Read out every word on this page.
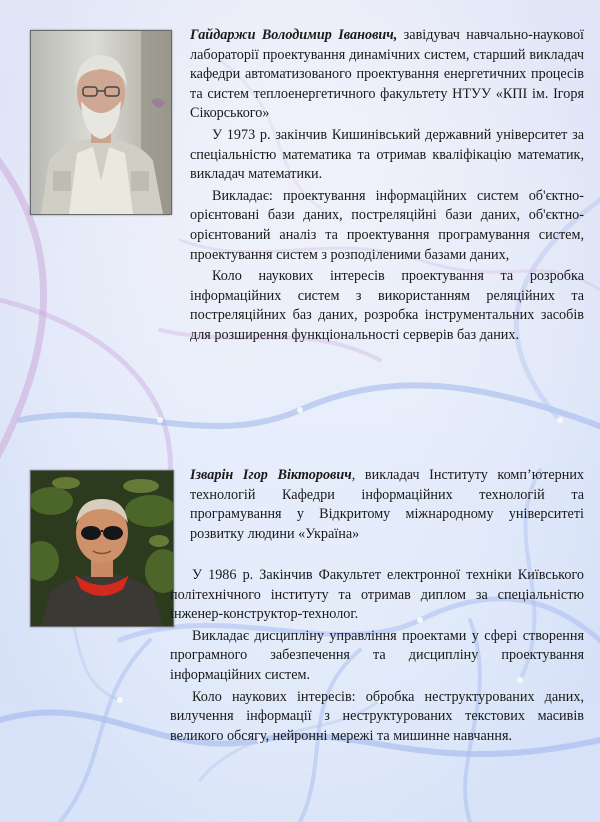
Гайдаржи Володимир Іванович, завідувач навчально-наукової лабораторії проектування динамічних систем, старший викладач кафедри автоматизованого проектування енергетичних процесів та систем теплоенергетичного факультету НТУУ «КПІ ім. Ігоря Сікорського»

У 1973 р. закінчив Кишинівський державний університет за спеціальністю математика та отримав кваліфікацію математик, викладач математики.

Викладає: проектування інформаційних систем об'єктно-орієнтовані бази даних, постреляційні бази даних, об'єктно-орієнтований аналіз та проектування програмування систем, проектування систем з розподіленими базами даних,

Коло наукових інтересів проектування та розробка інформаційних систем з використанням реляційних та постреляційних баз даних, розробка інструментальних засобів для розширення функціональності серверів баз даних.

Ізварін Ігор Вікторович, викладач Інституту комп’ютерних технологій Кафедри інформаційних технологій та програмування у Відкритому міжнародному університеті розвитку людини «Україна»

У 1986 р. Закінчив Факультет електронної техніки Київського політехнічного інституту та отримав диплом за спеціальністю інженер-конструктор-технолог.

Викладає дисципліну управління проектами у сфері створення програмного забезпечення та дисципліну проектування інформаційних систем.

Коло наукових інтересів: обробка неструктурованих даних, вилучення інформації з неструктурованих текстових масивів великого обсягу, нейронні мережі та мишинне навчання.
